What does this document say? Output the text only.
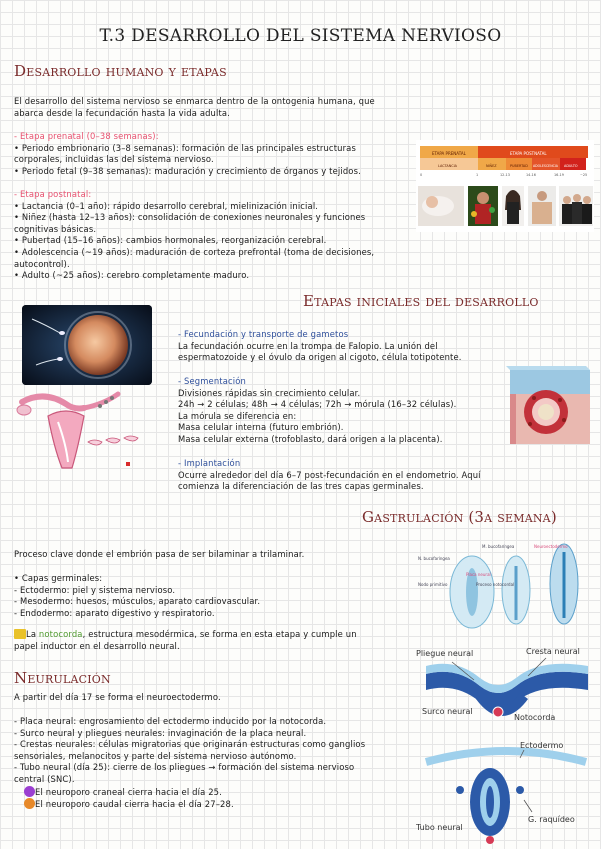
T.3 DESARROLLO DEL SISTEMA NERVIOSO
Desarrollo humano y etapas
El desarrollo del sistema nervioso se enmarca dentro de la ontogenia humana, que
abarca desde la fecundación hasta la vida adulta.
- Etapa prenatal (0–38 semanas):
• Periodo embrionario (3–8 semanas): formación de las principales estructuras
corporales, incluidas las del sistema nervioso.
• Periodo fetal (9–38 semanas): maduración y crecimiento de órganos y tejidos.
- Etapa postnatal:
• Lactancia (0–1 año): rápido desarrollo cerebral, mielinización inicial.
• Niñez (hasta 12–13 años): consolidación de conexiones neuronales y funciones
cognitivas básicas.
• Pubertad (15–16 años): cambios hormonales, reorganización cerebral.
• Adolescencia (~19 años): maduración de corteza prefrontal (toma de decisiones,
autocontrol).
• Adulto (~25 años): cerebro completamente maduro.
ETAPA PRENATAL	ETAPA POSTNATAL
LACTANCIA	NIÑEZ	PUBERTAD ADOLESCENCIA ADULTO
0	1	12-13	14-16	16-19	~25
Etapas iniciales del desarrollo
- Fecundación y transporte de gametos
La fecundación ocurre en la trompa de Falopio. La unión del
espermatozoide y el óvulo da origen al cigoto, célula totipotente.
- Segmentación
Divisiones rápidas sin crecimiento celular.
24h → 2 células; 48h → 4 células; 72h → mórula (16–32 células).
La mórula se diferencia en:
Masa celular interna (futuro embrión).
Masa celular externa (trofoblasto, dará origen a la placenta).
- Implantación
Ocurre alrededor del día 6–7 post-fecundación en el endometrio. Aquí
comienza la diferenciación de las tres capas germinales.
Gastrulación (3a semana)
Proceso clave donde el embrión pasa de ser bilaminar a trilaminar.
• Capas germinales:
- Ectodermo: piel y sistema nervioso.
- Mesodermo: huesos, músculos, aparato cardiovascular.
- Endodermo: aparato digestivo y respiratorio.
La notocorda, estructura mesodérmica, se forma en esta etapa y cumple un
papel inductor en el desarrollo neural.
N. bucofaríngea
Placa neural
Nodo primitivo	Proceso notocordal
M. bucofaríngea	Neuroectodermo
Neurulación
A partir del día 17 se forma el neuroectodermo.
- Placa neural: engrosamiento del ectodermo inducido por la notocorda.
- Surco neural y pliegues neurales: invaginación de la placa neural.
- Crestas neurales: células migratorias que originarán estructuras como ganglios
sensoriales, melanocitos y parte del sistema nervioso autónomo.
- Tubo neural (día 25): cierre de los pliegues → formación del sistema nervioso
central (SNC).
El neuroporo craneal cierra hacia el día 25.
El neuroporo caudal cierra hacia el día 27–28.
Pliegue neural	Cresta neural
Surco neural
Notocorda
Ectodermo
Tubo neural
G. raquídeo
